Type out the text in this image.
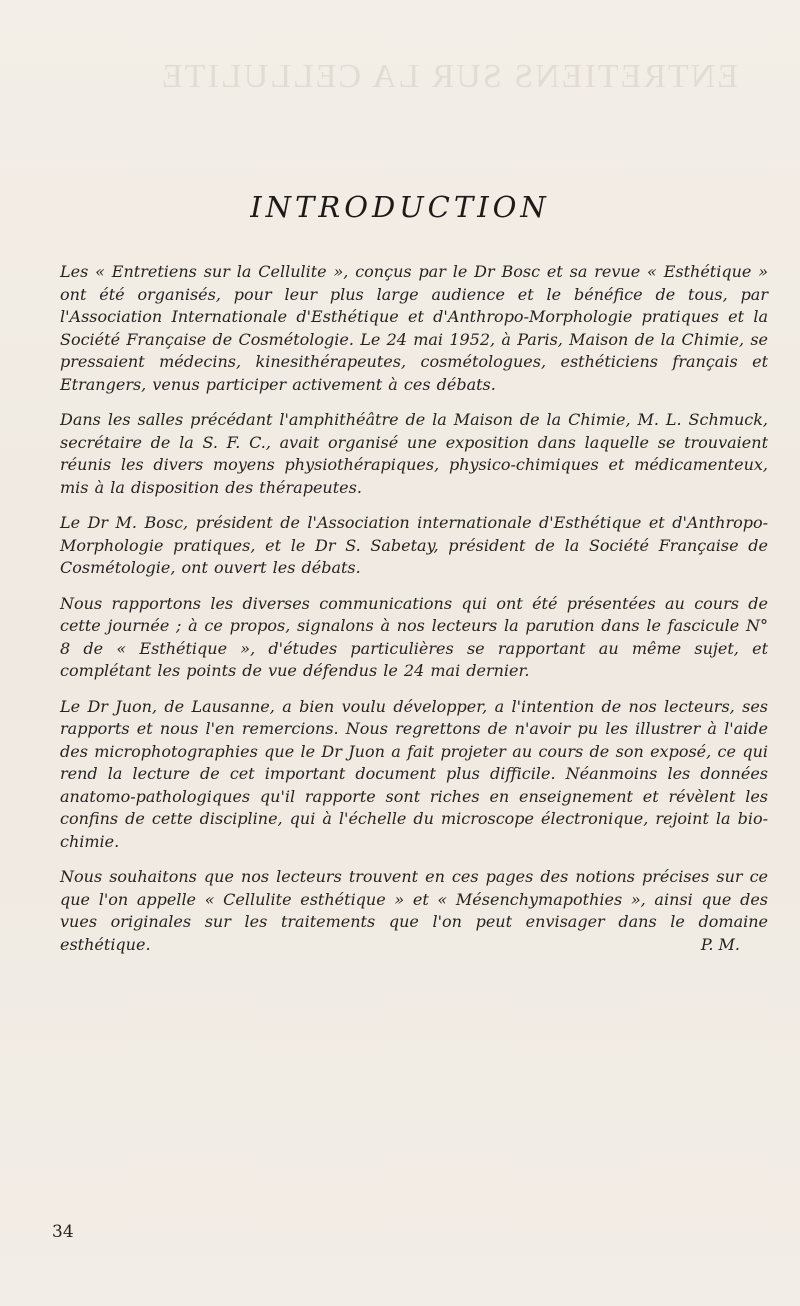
ENTRETIENS SUR LA CELLULITE
INTRODUCTION

Les « Entretiens sur la Cellulite », conçus par le Dr Bosc et sa revue « Esthétique » ont été organisés, pour leur plus large audience et le bénéfice de tous, par l'Association Internationale d'Esthétique et d'Anthropo-Morphologie pratiques et la Société Française de Cosmétologie. Le 24 mai 1952, à Paris, Maison de la Chimie, se pressaient médecins, kinesithérapeutes, cosmétologues, esthéticiens français et Etrangers, venus participer activement à ces débats.

Dans les salles précédant l'amphithéâtre de la Maison de la Chimie, M. L. Schmuck, secrétaire de la S. F. C., avait organisé une exposition dans laquelle se trouvaient réunis les divers moyens physiothérapiques, physico-chimiques et médicamenteux, mis à la disposition des thérapeutes.

Le Dr M. Bosc, président de l'Association internationale d'Esthétique et d'Anthropo-Morphologie pratiques, et le Dr S. Sabetay, président de la Société Française de Cosmétologie, ont ouvert les débats.

Nous rapportons les diverses communications qui ont été présentées au cours de cette journée ; à ce propos, signalons à nos lecteurs la parution dans le fascicule N° 8 de « Esthétique », d'études particulières se rapportant au même sujet, et complétant les points de vue défendus le 24 mai dernier.

Le Dr Juon, de Lausanne, a bien voulu développer, a l'intention de nos lecteurs, ses rapports et nous l'en remercions. Nous regrettons de n'avoir pu les illustrer à l'aide des microphotographies que le Dr Juon a fait projeter au cours de son exposé, ce qui rend la lecture de cet important document plus difficile. Néanmoins les données anatomo-pathologiques qu'il rapporte sont riches en enseignement et révèlent les confins de cette discipline, qui à l'échelle du microscope électronique, rejoint la bio-chimie.

Nous souhaitons que nos lecteurs trouvent en ces pages des notions précises sur ce que l'on appelle « Cellulite esthétique » et « Mésenchymapothies », ainsi que des vues originales sur les traitements que l'on peut envisager dans le domaine esthétique.	P. M.

34
